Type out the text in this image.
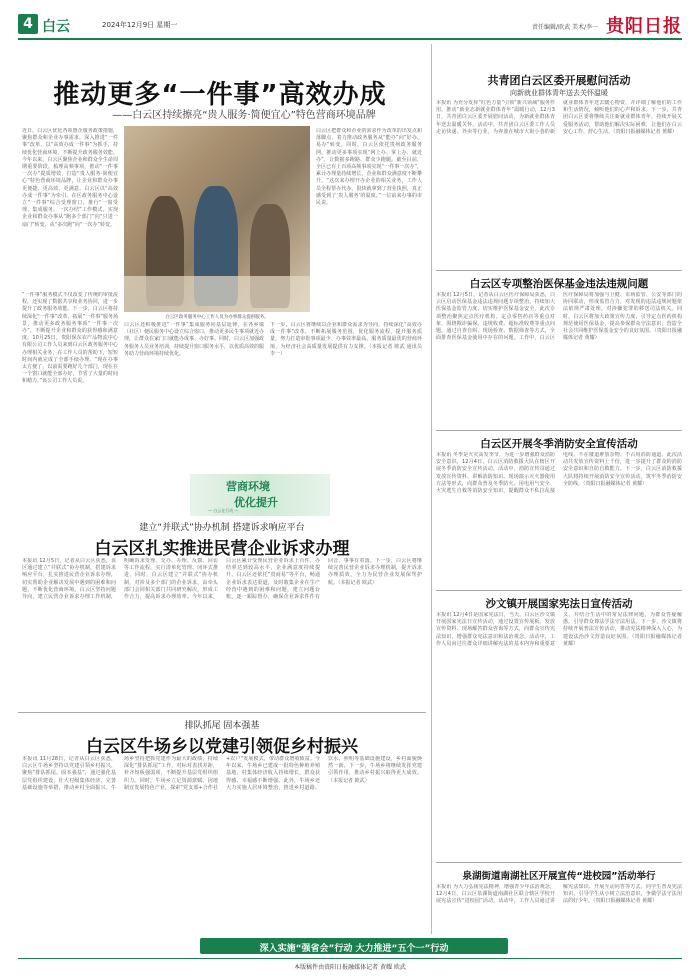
4 白云	2024年12月9日 星期一	责任编辑/欧武 美术/李一 贵阳日报
推动更多“一件事”高效办成
——白云区持续擦亮“贵人服务·简便宜心”特色营商环境品牌
近日，白云区优化各项惠企服务政策措施，聚焦群众和企业办事需求，深入推进“一件事”改革，以“高效办成一件事”为抓手，持续优化营商环境，不断提升政务服务效能。今年以来，白云区聚焦企业和群众全生命周期重要阶段，梳理高频事项，推动“一件事一次办”提质增效，打造“贵人服务·简便宜心”特色营商环境品牌，让企业和群众办事更便捷、更高效、更满意。白云区以“高效办成一件事”为牵引，在区政务服务中心设立“一件事”综合受理窗口，推行“一窗受理、集成服务、一次办结”工作模式，实现企业和群众办事从“跑多个部门”向“只进一扇门”转变，从“多次跑”向“一次办”转变。
“一件事”服务模式不仅改变了传统的审批流程，还实现了数据共享和业务协同，进一步提升了政务服务效能。下一步，白云区将持续深化“一件事”改革，拓展“一件事”服务场景，推动更多政务服务事项“一件事一次办”，不断提升企业和群众的获得感和满意度。10月25日，贵阳保东农产品物流中心有限公司工作人员来到白云区政务服务中心办理相关业务，在工作人员的帮助下，短短时间内就完成了全部手续办理。“现在办事太方便了，以前需要跑好几个部门，现在在一个窗口就能全部办好，节省了大量的时间和精力。”该公司工作人员说。
白云区政务服务中心工作人员为办事群众提供服务。
白云区把群众和企业的需求作为改革的出发点和落脚点，着力推动政务服务从“能办”向“好办、易办”转变。同时，白云区依托贵州政务服务网，推动更多事项实现“网上办、掌上办、就近办”，让数据多跑路、群众少跑腿。截至目前，全区已有上百项高频事项实现“一件事一次办”，累计办理量持续增长，企业和群众满意度不断攀升。“这次来办理开办企业的相关业务，工作人员全程帮办代办，很快就拿到了营业执照，真正感受到了‘贵人服务’的温度。”一位前来办事的市民说。
白云区还积极推进“一件事”集成服务向基层延伸，在各乡镇（社区）便民服务中心设立综合窗口，推动更多民生事项就近办理，让群众在家门口就能办成事、办好事。同时，白云区加强政务服务人员业务培训，持续提升窗口服务水平，以优质高效的服务助力营商环境持续优化。
下一步，白云区将继续以企业和群众需求为导向，持续深化“高效办成一件事”改革，不断拓展服务范围，优化服务流程，提升服务质量，努力打造审批事项最少、办事效率最高、服务质量最优的营商环境，为经济社会高质量发展提供有力支撑。（本报记者 欧武 通讯员 李一）
营商环境
优化提升
— 白云在行动 —
建立“并联式”协办机制 搭建诉求响应平台
白云区扎实推进民营企业诉求办理
本报讯 12月5日，记者从白云区获悉，该区通过建立“并联式”协办机制，搭建诉求响应平台，扎实推进民营企业诉求办理，切实帮助企业解决发展中遇到的困难和问题，不断优化营商环境。白云区坚持问题导向，建立民营企业诉求办理工作机制，明确诉求受理、交办、办理、反馈、回访等工作流程，实行清单化管理、闭环式推进。同时，白云区建立“并联式”协办机制，对涉及多个部门的企业诉求，由牵头部门会同相关部门共同研究解决，形成工作合力，提高诉求办理效率。今年以来，白云区累计受理民营企业诉求上百件，办结率达到较高水平，企业满意度持续提升。白云区还依托“贵商易”等平台，畅通企业诉求表达渠道，及时收集企业在生产经营中遇到的困难和问题，建立问题台账，逐一跟踪督办，确保企业诉求件件有回音、事事有着落。下一步，白云区将继续完善民营企业诉求办理机制，提升诉求办理质效，全力为民营企业发展保驾护航。（本报记者 欧武）
排队抓尾 固本强基
白云区牛场乡以党建引领促乡村振兴
本报讯 11月28日，记者从白云区获悉，白云区牛场乡坚持以党建引领乡村振兴，聚焦“排队抓尾、固本强基”，通过强化基层党组织建设、壮大村级集体经济、完善基础设施等举措，推动乡村全面振兴。牛场乡坚持把抓党建作为最大的政绩，持续深化“排队抓尾”工作，对标对表找差距，补齐短板强弱项，不断提升基层党组织组织力。同时，牛场乡立足资源禀赋，因地制宜发展特色产业，探索“党支部+合作社+农户”发展模式，带动群众增收致富。今年以来，牛场乡已建成一批特色种植养殖基地，村集体经济收入持续增长，群众获得感、幸福感不断增强。此外，牛场乡还大力实施人居环境整治，推进乡村道路、饮水、照明等基础设施建设，乡村面貌焕然一新。下一步，牛场乡将继续发挥党建引领作用，推动乡村振兴取得更大成效。（本报记者 欧武）
共青团白云区委开展慰问活动
向新就业群体青年送去关怀温暖
本报讯 为充分发挥“红色力量”引领“新兴领域”服务作用，推动“新业态新就业群体青年”温暖行动，12月3日，共青团白云区委开展慰问活动，为新就业群体青年送去温暖关怀。活动中，共青团白云区委工作人员走访快递、外卖等行业，为奔波在城市大街小巷的新就业群体青年送去暖心物资，并详细了解他们的工作和生活情况，倾听他们的心声和诉求。下一步，共青团白云区委将继续关注新就业群体青年，持续开展关爱服务活动，帮助他们解决实际困难，让他们在白云安心工作、舒心生活。（贵阳日报融媒体记者 黄耀）
白云区专项整治医保基金违法违规问题
本报讯 12月5日，记者从白云区医疗保障局获悉，白云区启动医保基金违法违规问题专项整治，持续加大医保基金监管力度，切实维护医保基金安全。此次专项整治聚焦定点医疗机构、定点零售药店等重点对象，围绕欺诈骗保、违规收费、超标准收费等重点问题，通过自查自纠、现场检查、数据筛查等方式，全面排查医保基金使用中存在的问题。工作中，白云区医疗保障局将加强与卫健、市场监管、公安等部门的协同联动，形成监管合力，对发现的违法违规问题依法依规严肃处理，对涉嫌犯罪的移送司法机关。同时，白云区将加大政策宣传力度，引导定点医药机构规范使用医保基金，提高参保群众守法意识，营造全社会共同维护医保基金安全的良好氛围。（贵阳日报融媒体记者 黄耀）
白云区开展冬季消防安全宣传活动
本报讯 冬季是火灾高发季节，为进一步增强群众消防安全意识，12月4日，白云区消防救援大队在辖区开展冬季消防安全宣传活动。活动中，消防宣传员通过发放宣传资料、讲解消防知识、现场演示灭火器使用方法等形式，向群众普及冬季防火、用电用气安全、火灾逃生自救等消防安全知识，提醒群众不私拉乱接电线、不在楼道堆放杂物、不占用消防通道。此次活动共发放宣传资料上千份，进一步提升了群众的消防安全意识和自防自救能力。下一步，白云区消防救援大队将持续开展消防安全宣传活动，筑牢冬季消防安全防线。（贵阳日报融媒体记者 黄耀）
沙文镇开展国家宪法日宣传活动
本报讯 12月4日是国家宪法日，当天，白云区沙文镇开展国家宪法日宣传活动，通过设置宣传展板、发放宣传资料、现场解答群众咨询等方式，向群众宣传宪法知识，增强群众宪法意识和法治观念。活动中，工作人员向过往群众详细讲解宪法的基本内容和重要意义，并结合生活中的常见法律问题，为群众答疑解惑，引导群众尊法学法守法用法。下一步，沙文镇将持续开展普法宣传活动，推动宪法精神深入人心，为建设法治沙文营造良好氛围。（贵阳日报融媒体记者 黄耀）
泉湖街道南湖社区开展宣传“进校园”活动举行
本报讯 为大力弘扬宪法精神，增强青少年法治观念，12月4日，白云区泉湖街道南湖社区联合辖区学校开展宪法宣传“进校园”活动。活动中，工作人员通过讲解宪法知识、开展互动问答等方式，向学生普及宪法知识，引导学生从小树立法治意识，争做学法守法用法的好少年。（贵阳日报融媒体记者 黄耀）
深入实施“强省会”行动 大力推进“五个一”行动
本版稿件由贵阳日报融媒体记者 黄耀 欧武
